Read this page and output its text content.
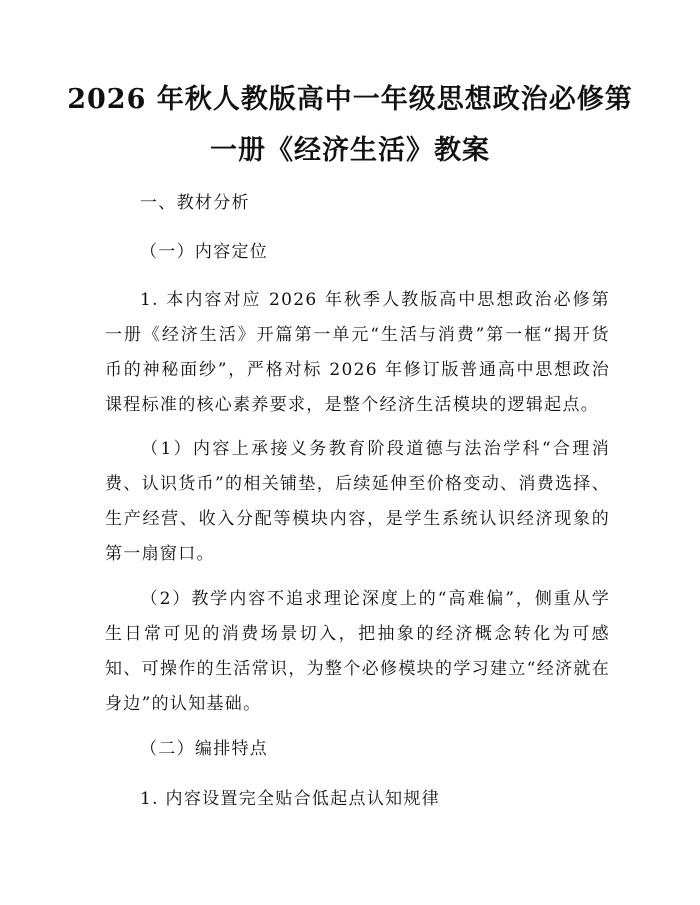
2026 年秋人教版高中一年级思想政治必修第
一册《经济生活》教案

一、教材分析

（一）内容定位

1. 本内容对应 2026 年秋季人教版高中思想政治必修第一册《经济生活》开篇第一单元“生活与消费”第一框“揭开货币的神秘面纱”，严格对标 2026 年修订版普通高中思想政治课程标准的核心素养要求，是整个经济生活模块的逻辑起点。

（1）内容上承接义务教育阶段道德与法治学科“合理消费、认识货币”的相关铺垫，后续延伸至价格变动、消费选择、生产经营、收入分配等模块内容，是学生系统认识经济现象的第一扇窗口。

（2）教学内容不追求理论深度上的“高难偏”，侧重从学生日常可见的消费场景切入，把抽象的经济概念转化为可感知、可操作的生活常识，为整个必修模块的学习建立“经济就在身边”的认知基础。

（二）编排特点

1. 内容设置完全贴合低起点认知规律
